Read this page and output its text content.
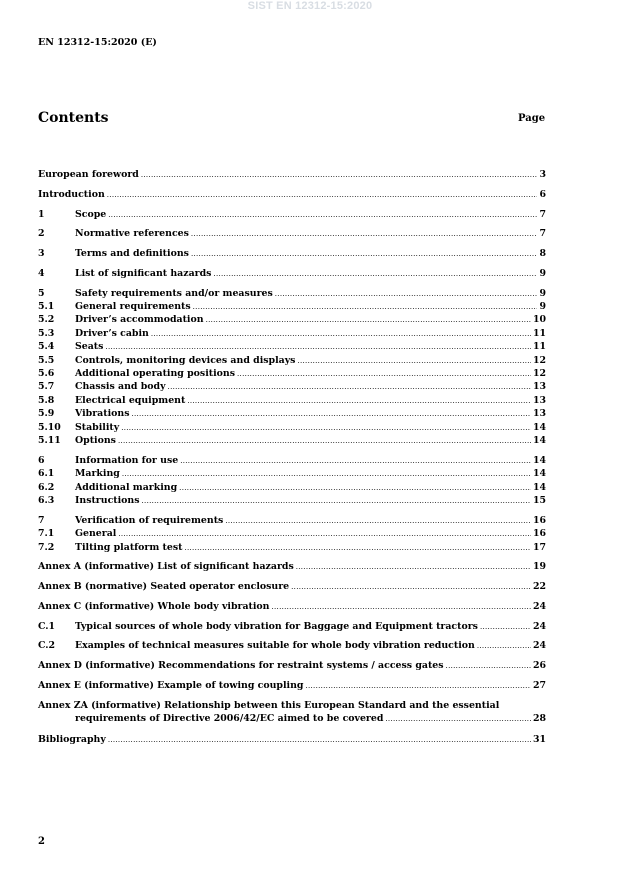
SIST EN 12312-15:2020
EN 12312-15:2020 (E)
Contents	Page
European foreword .....	3
Introduction .....	6
1	Scope .....	7
2	Normative references .....	7
3	Terms and definitions .....	8
4	List of significant hazards .....	9
5	Safety requirements and/or measures .....	9
5.1	General requirements .....	9
5.2	Driver’s accommodation .....	10
5.3	Driver’s cabin .....	11
5.4	Seats .....	11
5.5	Controls, monitoring devices and displays .....	12
5.6	Additional operating positions .....	12
5.7	Chassis and body .....	13
5.8	Electrical equipment .....	13
5.9	Vibrations .....	13
5.10	Stability .....	14
5.11	Options .....	14
6	Information for use .....	14
6.1	Marking .....	14
6.2	Additional marking .....	14
6.3	Instructions .....	15
7	Verification of requirements .....	16
7.1	General .....	16
7.2	Tilting platform test .....	17
Annex A (informative) List of significant hazards .....	19
Annex B (normative) Seated operator enclosure .....	22
Annex C (informative) Whole body vibration .....	24
C.1	Typical sources of whole body vibration for Baggage and Equipment tractors .....	24
C.2	Examples of technical measures suitable for whole body vibration reduction .....	24
Annex D (informative) Recommendations for restraint systems / access gates .....	26
Annex E (informative) Example of towing coupling .....	27
Annex ZA (informative) Relationship between this European Standard and the essential
requirements of Directive 2006/42/EC aimed to be covered .....	28
Bibliography .....	31
2
